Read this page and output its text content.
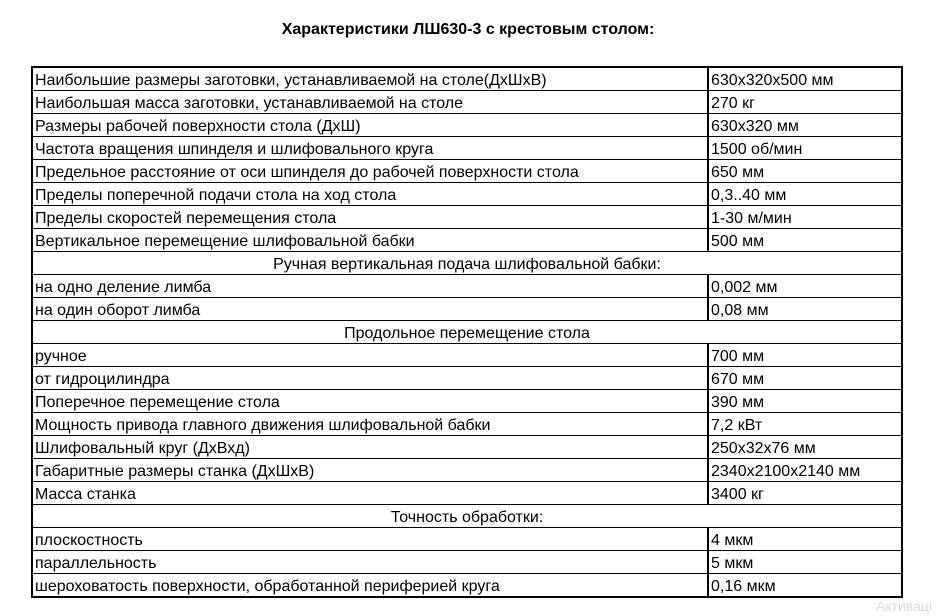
Характеристики ЛШ630-3 с крестовым столом:
Наибольшие размеры заготовки, устанавливаемой на столе(ДхШхВ)	630x320x500 мм
Наибольшая масса заготовки, устанавливаемой на столе	270 кг
Размеры рабочей поверхности стола (ДхШ)	630x320 мм
Частота вращения шпинделя и шлифовального круга	1500 об/мин
Предельное расстояние от оси шпинделя до рабочей поверхности стола	650 мм
Пределы поперечной подачи стола на ход стола	0,3..40 мм
Пределы скоростей перемещения стола	1-30 м/мин
Вертикальное перемещение шлифовальной бабки	500 мм
Ручная вертикальная подача шлифовальной бабки:	
на одно деление лимба	0,002 мм
на один оборот лимба	0,08 мм
Продольное перемещение стола	
ручное	700 мм
от гидроцилиндра	670 мм
Поперечное перемещение стола	390 мм
Мощность привода главного движения шлифовальной бабки	7,2 кВт
Шлифовальный круг (ДхВхд)	250x32x76 мм
Габаритные размеры станка (ДхШхВ)	2340x2100x2140 мм
Масса станка	3400 кг
Точность обработки:	
плоскостность	4 мкм
параллельность	5 мкм
шероховатость поверхности, обработанной периферией круга	0,16 мкм
Активаці
